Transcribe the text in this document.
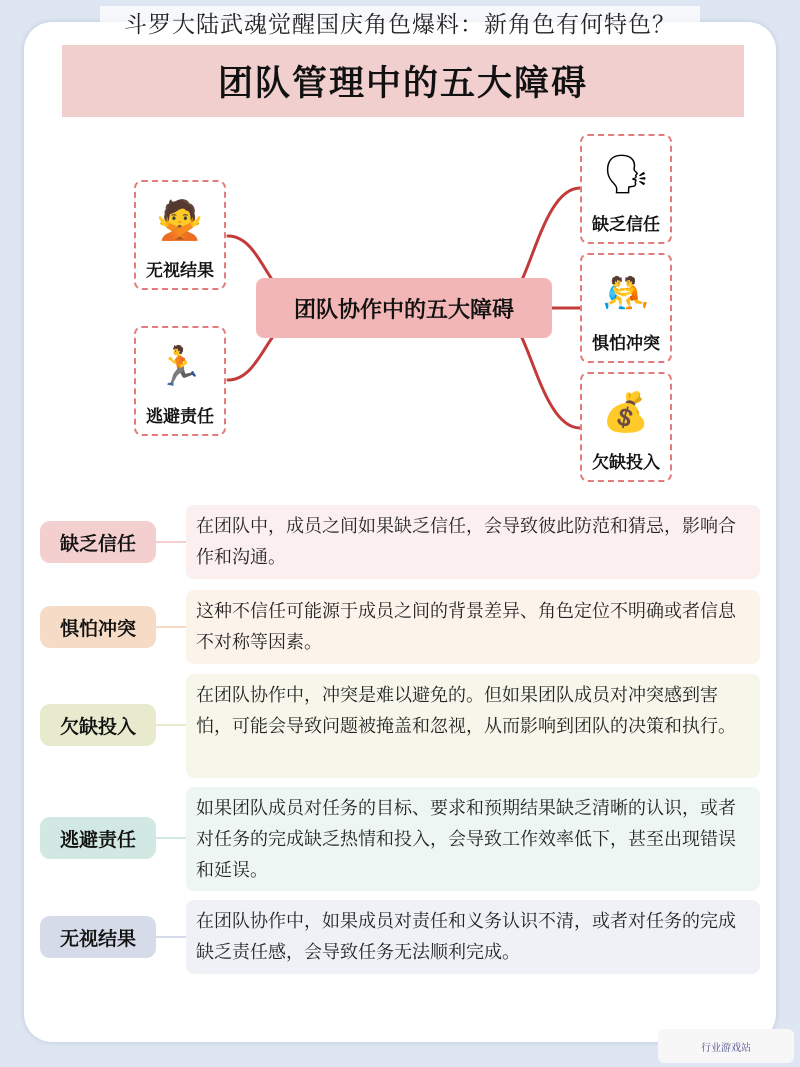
斗罗大陆武魂觉醒国庆角色爆料：新角色有何特色？
团队管理中的五大障碍
🙅
无视结果
🏃
逃避责任
团队协作中的五大障碍
🗣
缺乏信任
🤼
惧怕冲突
💰
欠缺投入
缺乏信任
在团队中，成员之间如果缺乏信任，会导致彼此防范和猜忌，影响合作和沟通。
惧怕冲突
这种不信任可能源于成员之间的背景差异、角色定位不明确或者信息不对称等因素。
欠缺投入
在团队协作中，冲突是难以避免的。但如果团队成员对冲突感到害怕，可能会导致问题被掩盖和忽视，从而影响到团队的决策和执行。
逃避责任
如果团队成员对任务的目标、要求和预期结果缺乏清晰的认识，或者对任务的完成缺乏热情和投入，会导致工作效率低下，甚至出现错误和延误。
无视结果
在团队协作中，如果成员对责任和义务认识不清，或者对任务的完成缺乏责任感，会导致任务无法顺利完成。
行业游戏站
